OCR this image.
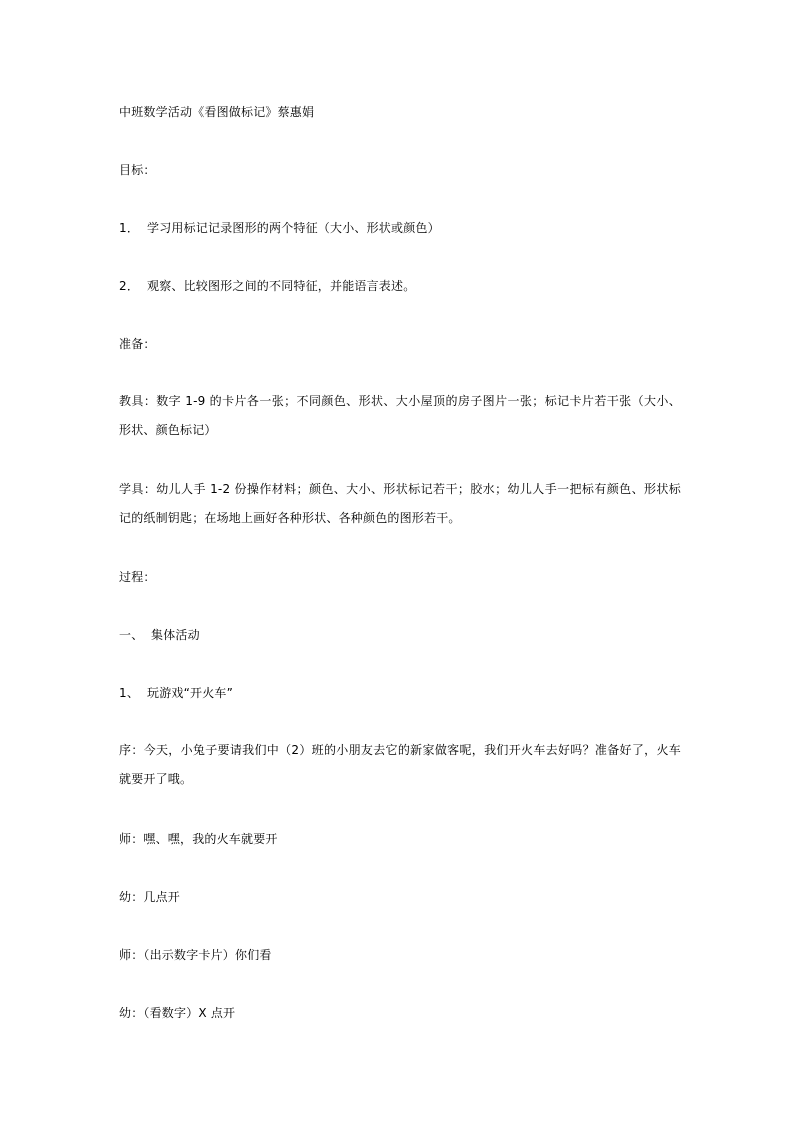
中班数学活动《看图做标记》蔡惠娟
目标：
1． 学习用标记记录图形的两个特征（大小、形状或颜色）
2． 观察、比较图形之间的不同特征，并能语言表述。
准备：
教具：数字 1-9 的卡片各一张；不同颜色、形状、大小屋顶的房子图片一张；标记卡片若干张（大小、形状、颜色标记）
学具：幼儿人手 1-2 份操作材料；颜色、大小、形状标记若干；胶水；幼儿人手一把标有颜色、形状标记的纸制钥匙；在场地上画好各种形状、各种颜色的图形若干。
过程：
一、 集体活动
1、 玩游戏“开火车”
序：今天，小兔子要请我们中（2）班的小朋友去它的新家做客呢，我们开火车去好吗？准备好了，火车就要开了哦。
师：嘿、嘿，我的火车就要开
幼：几点开
师：（出示数字卡片）你们看
幼：（看数字）X 点开
